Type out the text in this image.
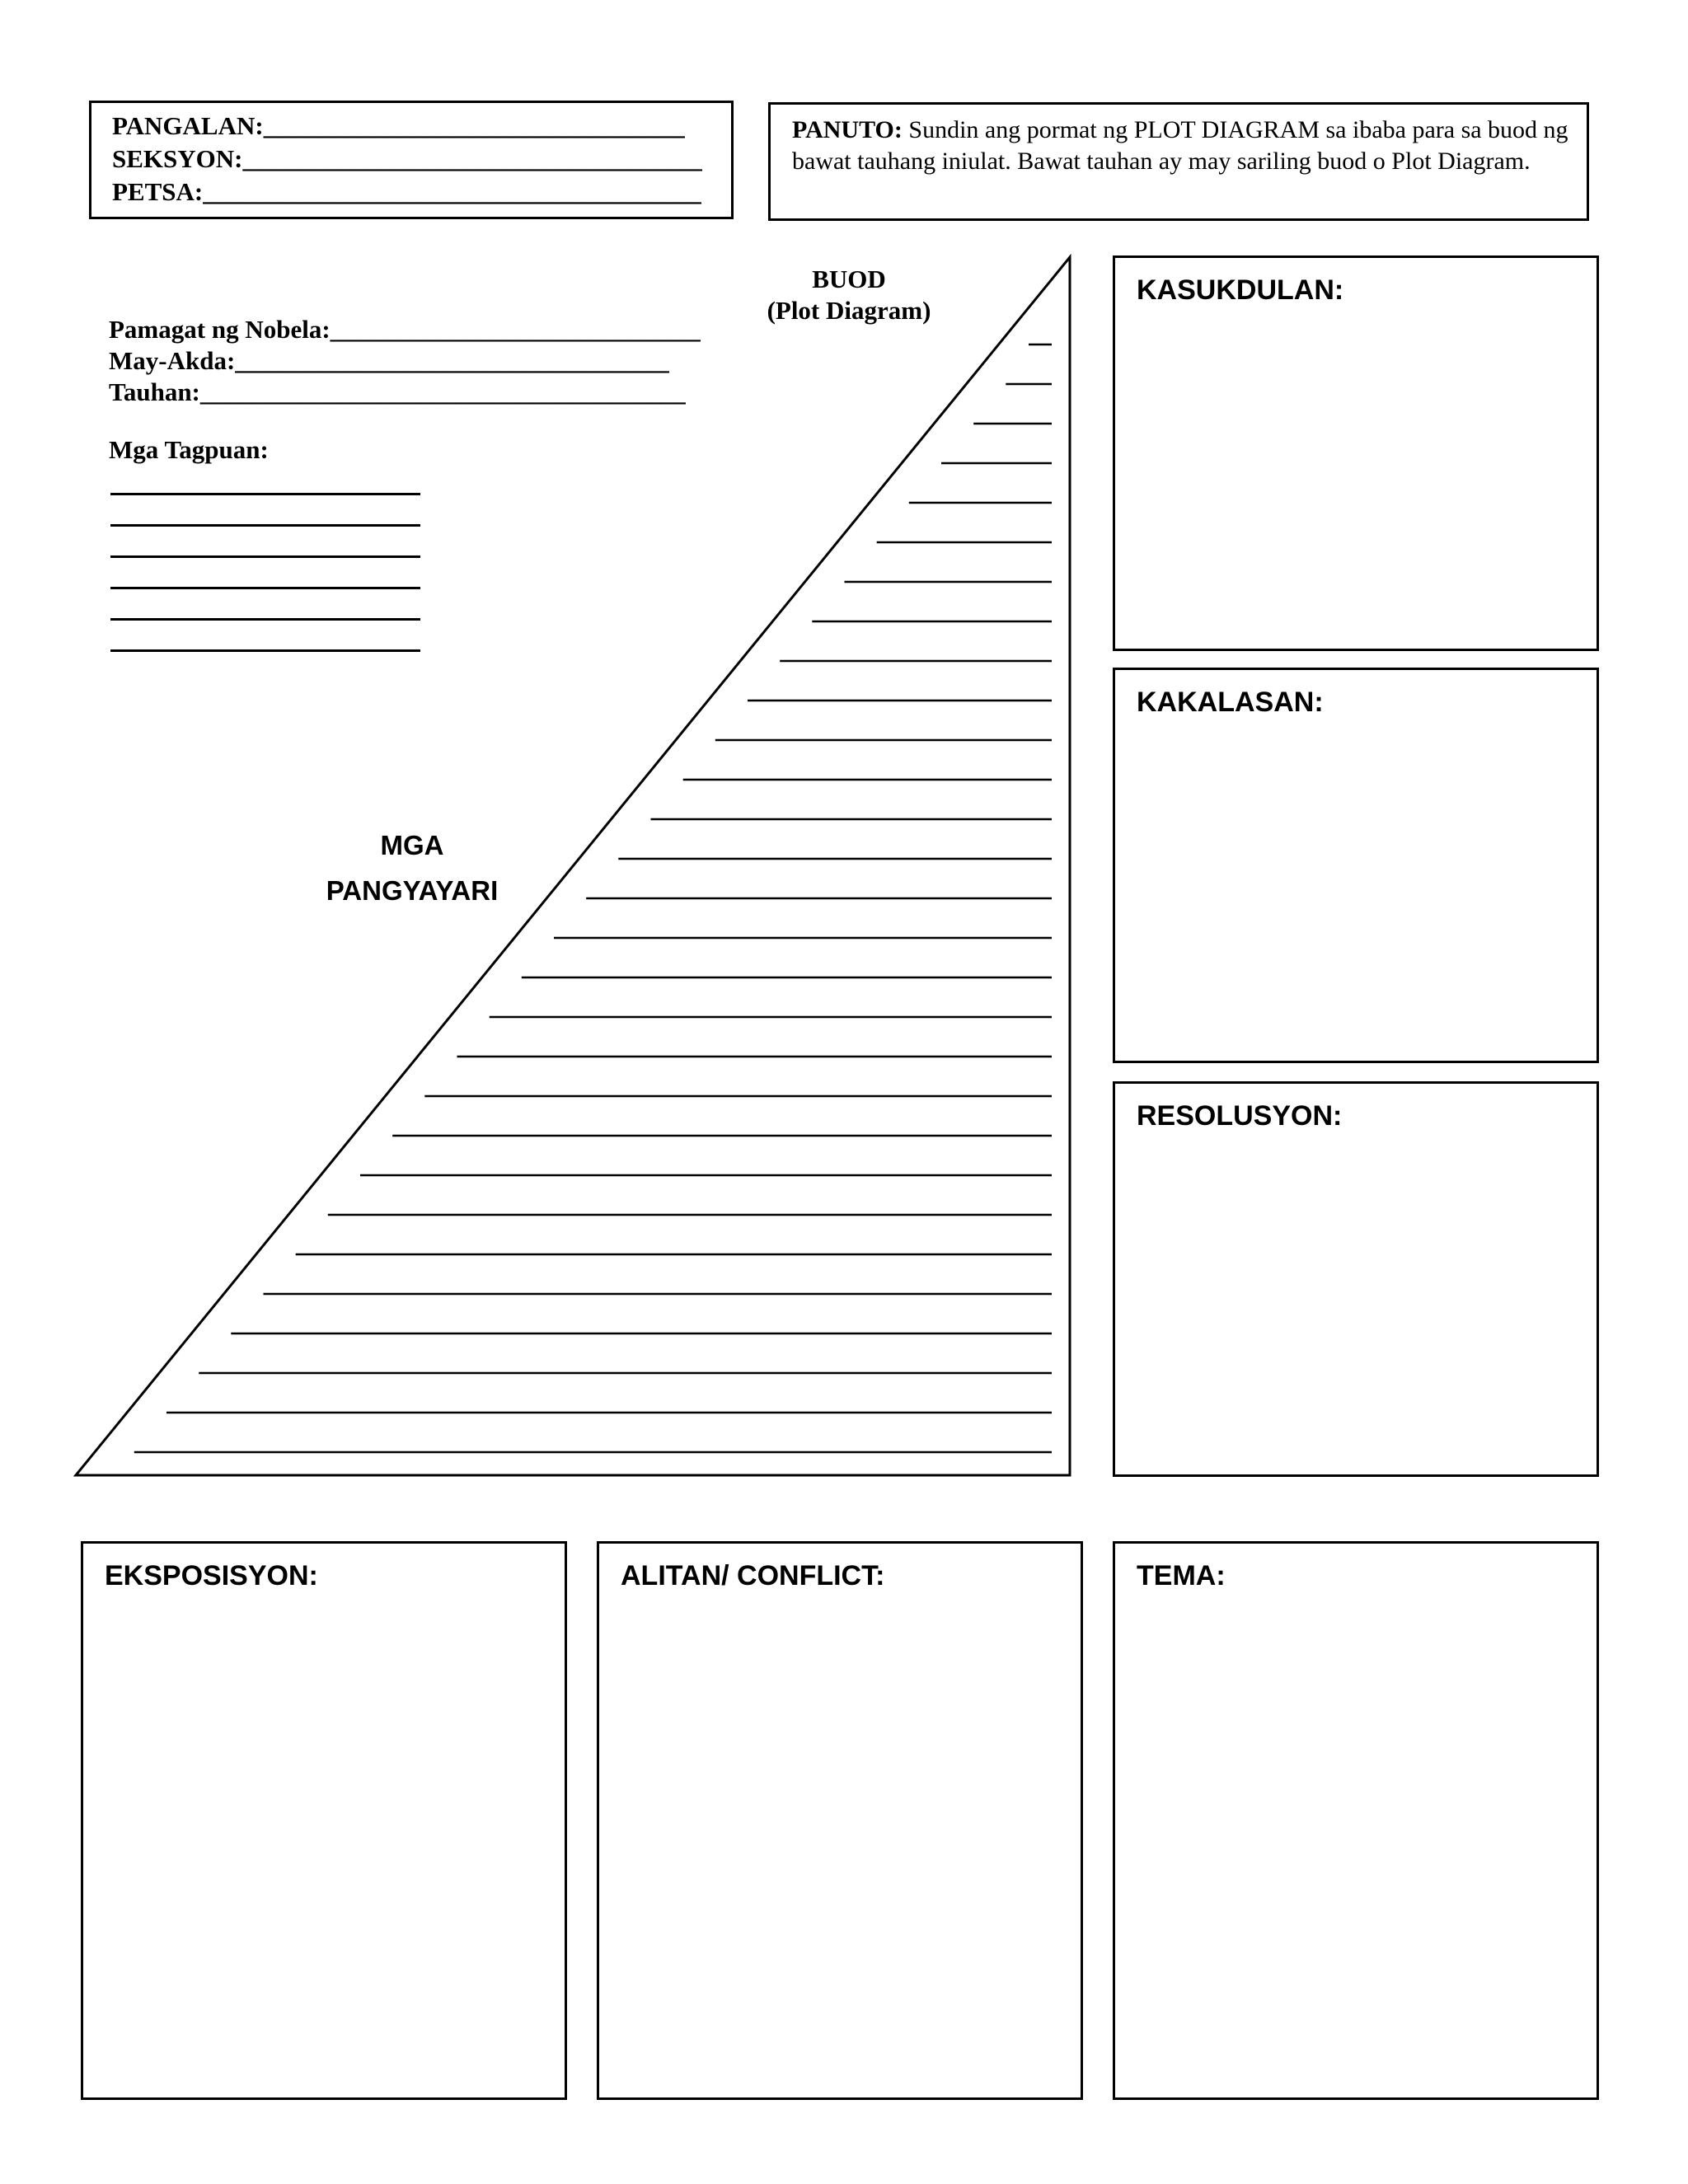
PANGALAN:_________________________________
SEKSYON:____________________________________
PETSA:_______________________________________
PANUTO: Sundin ang pormat ng PLOT DIAGRAM sa ibaba para sa buod ng bawat tauhang iniulat. Bawat tauhan ay may sariling buod o Plot Diagram.
Pamagat ng Nobela:_____________________________
May-Akda:__________________________________
Tauhan:______________________________________
Mga Tagpuan:
BUOD
(Plot Diagram)
MGA
PANGYAYARI
KASUKDULAN:
KAKALASAN:
RESOLUSYON:
EKSPOSISYON:	ALITAN/ CONFLICT:	TEMA:
